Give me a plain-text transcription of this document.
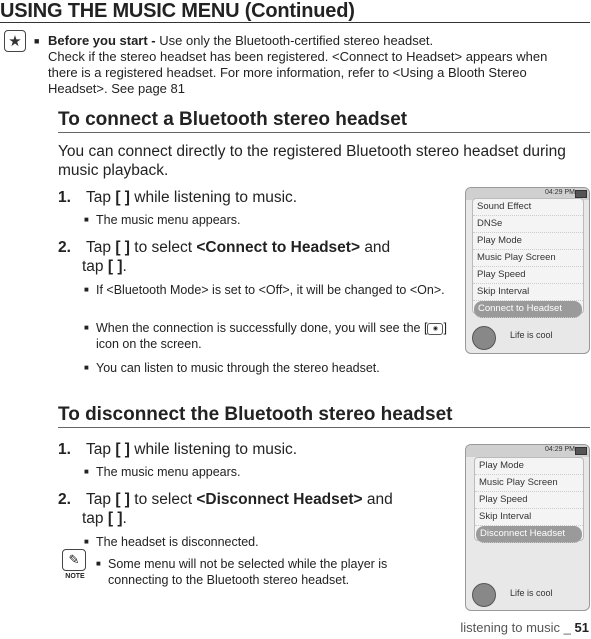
USING THE MUSIC MENU (Continued)
★	■ Before you start - Use only the Bluetooth-certified stereo headset.
Check if the stereo headset has been registered. <Connect to Headset> appears when there is a registered headset. For more information, refer to <Using a Blooth Stereo Headset>. See page 81
To connect a Bluetooth stereo headset
You can connect directly to the registered Bluetooth stereo headset during music playback.
1. Tap [ ] while listening to music.
■ The music menu appears.
2. Tap [ ] to select <Connect to Headset> and
tap [ ].
■ If <Bluetooth Mode> is set to <Off>, it will be changed to <On>.
■ When the connection is successfully done, you will see the [ ◉ ] icon on the screen.
■ You can listen to music through the stereo headset.
04:29 PM
Sound Effect
DNSe
Play Mode
Music Play Screen
Play Speed
Skip Interval
Connect to Headset
Life is cool
To disconnect the Bluetooth stereo headset
1. Tap [ ] while listening to music.
■ The music menu appears.
2. Tap [ ] to select <Disconnect Headset> and
tap [ ].
■ The headset is disconnected.
✎
NOTE
■ Some menu will not be selected while the player is connecting to the Bluetooth stereo headset.
04:29 PM
Play Mode
Music Play Screen
Play Speed
Skip Interval
Disconnect Headset
Life is cool
listening to music _ 51
